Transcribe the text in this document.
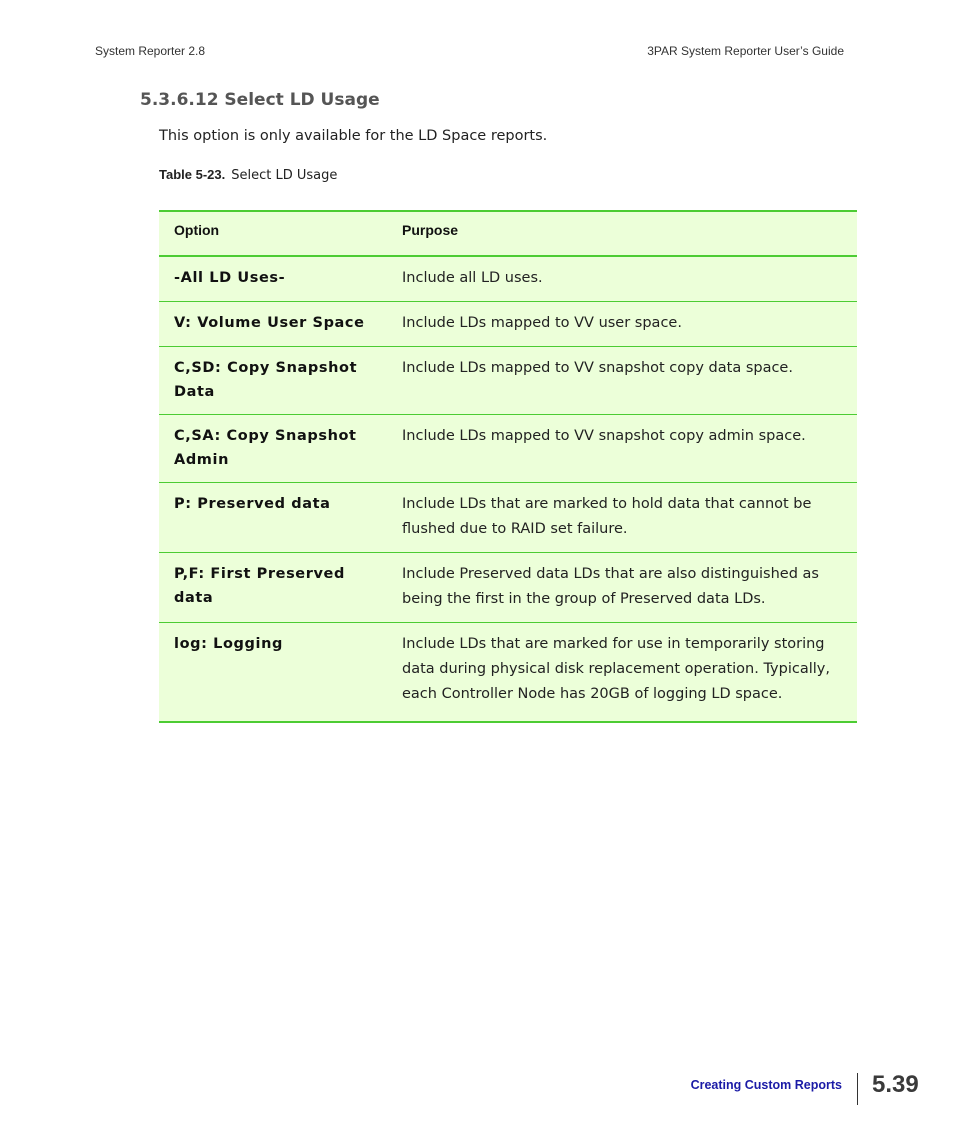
System Reporter 2.8	3PAR System Reporter User’s Guide
5.3.6.12 Select LD Usage

This option is only available for the LD Space reports.

Table 5-23. Select LD Usage

Option	Purpose
-All LD Uses-	Include all LD uses.
V: Volume User Space	Include LDs mapped to VV user space.
C,SD: Copy Snapshot Data	Include LDs mapped to VV snapshot copy data space.
C,SA: Copy Snapshot Admin	Include LDs mapped to VV snapshot copy admin space.
P: Preserved data	Include LDs that are marked to hold data that cannot be flushed due to RAID set failure.
P,F: First Preserved data	Include Preserved data LDs that are also distinguished as being the first in the group of Preserved data LDs.
log: Logging	Include LDs that are marked for use in temporarily storing data during physical disk replacement operation. Typically, each Controller Node has 20GB of logging LD space.

Creating Custom Reports 5.39
